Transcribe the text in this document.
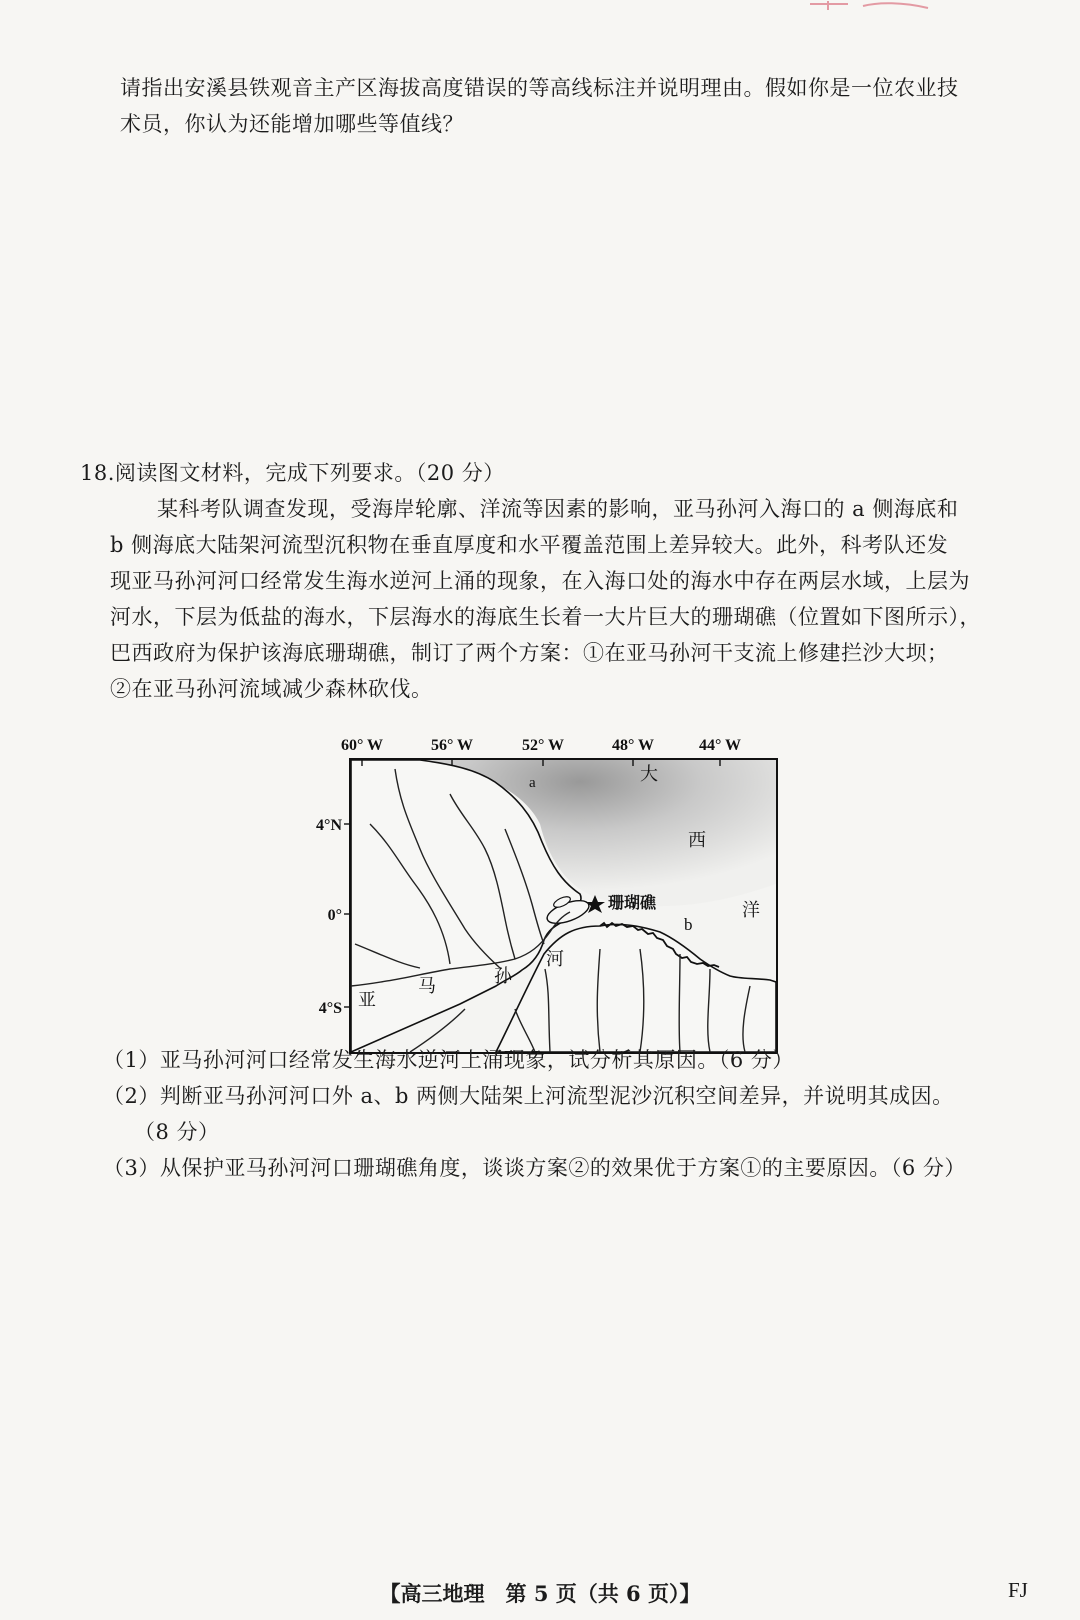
请指出安溪县铁观音主产区海拔高度错误的等高线标注并说明理由。假如你是一位农业技
术员，你认为还能增加哪些等值线？
18.阅读图文材料，完成下列要求。（20 分）
某科考队调查发现，受海岸轮廓、洋流等因素的影响，亚马孙河入海口的 a 侧海底和
b 侧海底大陆架河流型沉积物在垂直厚度和水平覆盖范围上差异较大。此外，科考队还发
现亚马孙河河口经常发生海水逆河上涌的现象，在入海口处的海水中存在两层水域，上层为
河水，下层为低盐的海水，下层海水的海底生长着一大片巨大的珊瑚礁（位置如下图所示），
巴西政府为保护该海底珊瑚礁，制订了两个方案：①在亚马孙河干支流上修建拦沙大坝；
②在亚马孙河流域减少森林砍伐。
60° W	56° W	52° W	48° W	44° W
4°N
0°
4°S
大
西
洋
亚
马	孙
河
a
b
珊瑚礁
（1）亚马孙河河口经常发生海水逆河上涌现象，试分析其原因。（6 分）
（2）判断亚马孙河河口外 a、b 两侧大陆架上河流型泥沙沉积空间差异，并说明其成因。
（8 分）
（3）从保护亚马孙河河口珊瑚礁角度，谈谈方案②的效果优于方案①的主要原因。（6 分）
【高三地理　第 5 页（共 6 页）】	FJ
